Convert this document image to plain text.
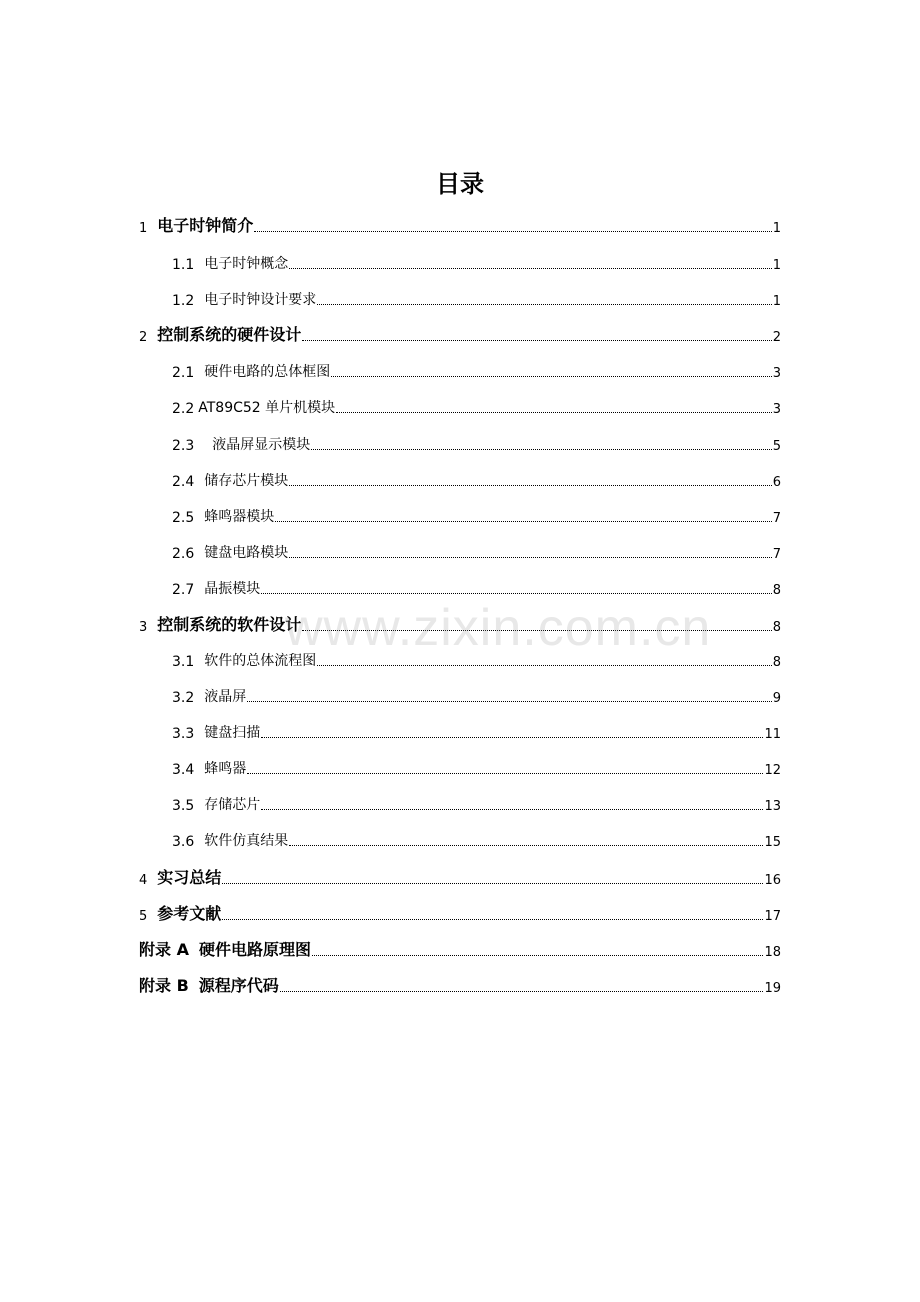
目录
1 电子时钟简介	1
1.1 电子时钟概念	1
1.2 电子时钟设计要求	1
2 控制系统的硬件设计	2
2.1 硬件电路的总体框图	3
2.2 AT89C52 单片机模块	3
2.3 液晶屏显示模块	5
2.4 储存芯片模块	6
2.5 蜂鸣器模块	7
2.6 键盘电路模块	7
2.7 晶振模块	8
3 控制系统的软件设计	8
3.1 软件的总体流程图	8
3.2 液晶屏	9
3.3 键盘扫描	11
3.4 蜂鸣器	12
3.5 存储芯片	13
3.6 软件仿真结果	15
4 实习总结	16
5 参考文献	17
附录 A 硬件电路原理图	18
附录 B 源程序代码	19
www.zixin.com.cn
